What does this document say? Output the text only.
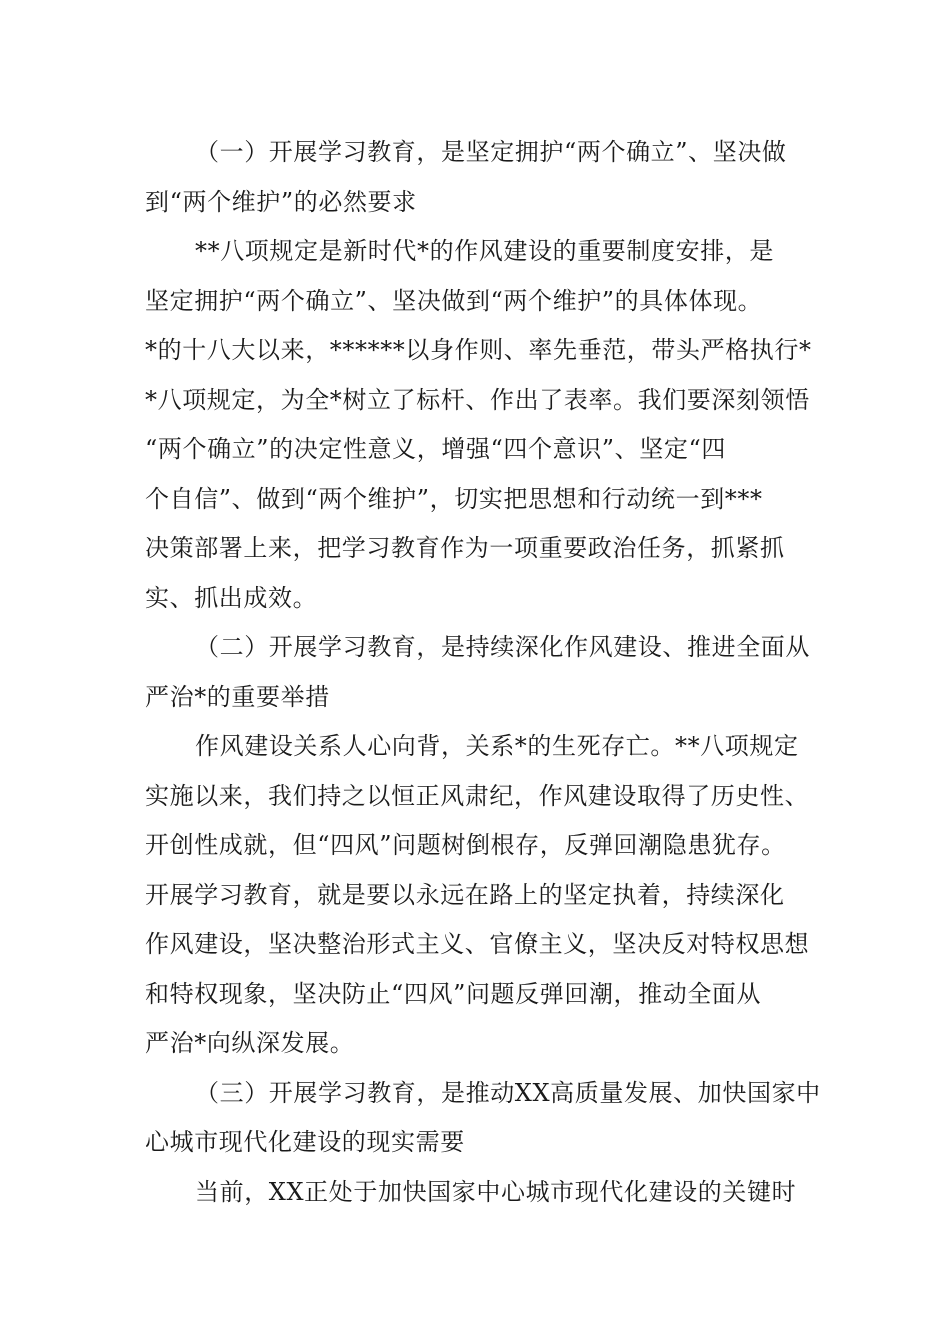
（一）开展学习教育，是坚定拥护“两个确立”、坚决做
到“两个维护”的必然要求
**八项规定是新时代*的作风建设的重要制度安排，是
坚定拥护“两个确立”、坚决做到“两个维护”的具体体现。
*的十八大以来，******以身作则、率先垂范，带头严格执行*
*八项规定，为全*树立了标杆、作出了表率。我们要深刻领悟
“两个确立”的决定性意义，增强“四个意识”、坚定“四
个自信”、做到“两个维护”，切实把思想和行动统一到***
决策部署上来，把学习教育作为一项重要政治任务，抓紧抓
实、抓出成效。
（二）开展学习教育，是持续深化作风建设、推进全面从
严治*的重要举措
作风建设关系人心向背，关系*的生死存亡。**八项规定
实施以来，我们持之以恒正风肃纪，作风建设取得了历史性、
开创性成就，但“四风”问题树倒根存，反弹回潮隐患犹存。
开展学习教育，就是要以永远在路上的坚定执着，持续深化
作风建设，坚决整治形式主义、官僚主义，坚决反对特权思想
和特权现象，坚决防止“四风”问题反弹回潮，推动全面从
严治*向纵深发展。
（三）开展学习教育，是推动XX高质量发展、加快国家中
心城市现代化建设的现实需要
当前，XX正处于加快国家中心城市现代化建设的关键时
